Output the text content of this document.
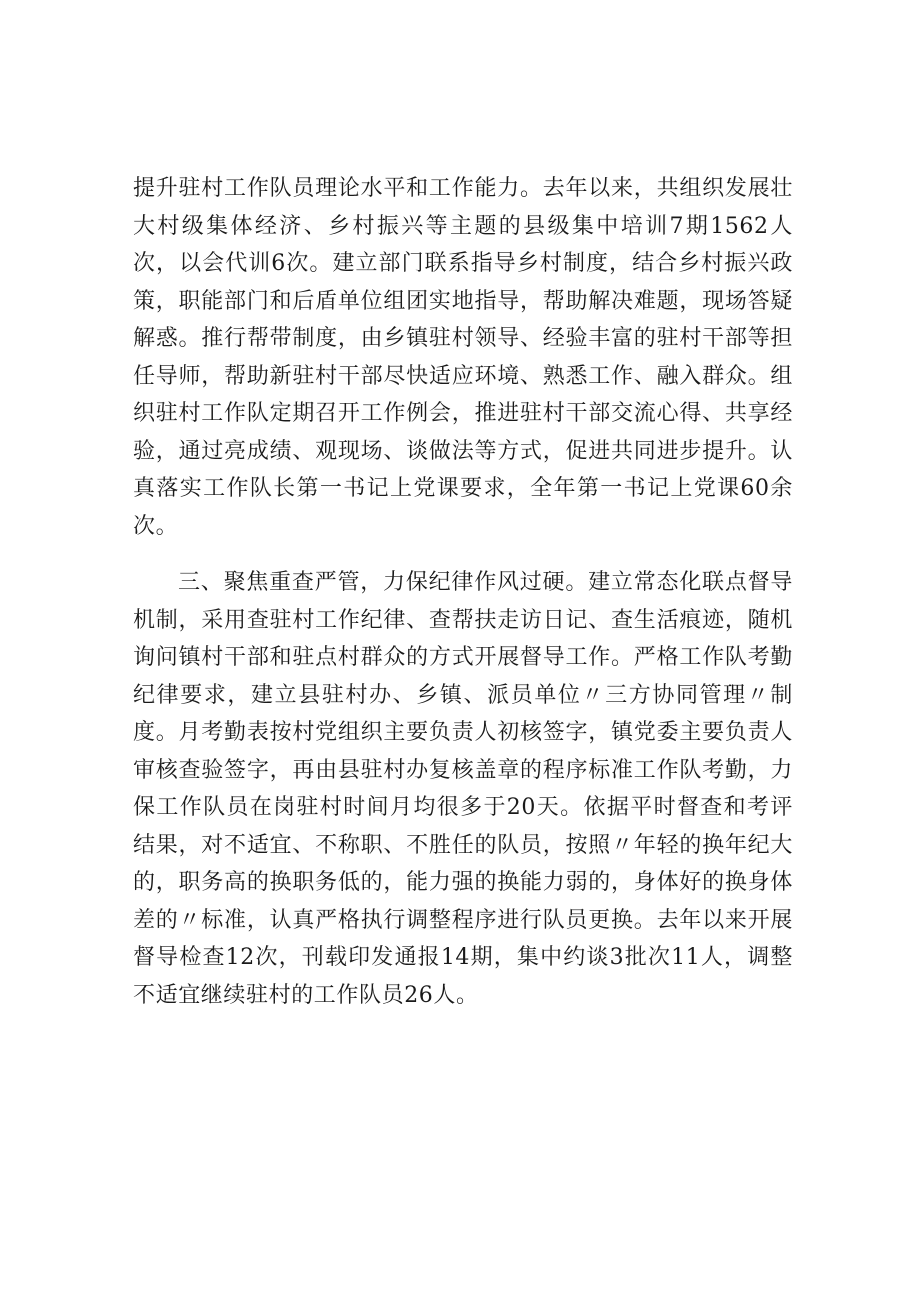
提升驻村工作队员理论水平和工作能力。去年以来，共组织发展壮大村级集体经济、乡村振兴等主题的县级集中培训7期1562人次，以会代训6次。建立部门联系指导乡村制度，结合乡村振兴政策，职能部门和后盾单位组团实地指导，帮助解决难题，现场答疑解惑。推行帮带制度，由乡镇驻村领导、经验丰富的驻村干部等担任导师，帮助新驻村干部尽快适应环境、熟悉工作、融入群众。组织驻村工作队定期召开工作例会，推进驻村干部交流心得、共享经验，通过亮成绩、观现场、谈做法等方式，促进共同进步提升。认真落实工作队长第一书记上党课要求，全年第一书记上党课60余次。

三、聚焦重查严管，力保纪律作风过硬。建立常态化联点督导机制，采用查驻村工作纪律、查帮扶走访日记、查生活痕迹，随机询问镇村干部和驻点村群众的方式开展督导工作。严格工作队考勤纪律要求，建立县驻村办、乡镇、派员单位〃三方协同管理〃制度。月考勤表按村党组织主要负责人初核签字，镇党委主要负责人审核查验签字，再由县驻村办复核盖章的程序标准工作队考勤，力保工作队员在岗驻村时间月均很多于20天。依据平时督查和考评结果，对不适宜、不称职、不胜任的队员，按照〃年轻的换年纪大的，职务高的换职务低的，能力强的换能力弱的，身体好的换身体差的〃标准，认真严格执行调整程序进行队员更换。去年以来开展督导检查12次，刊载印发通报14期，集中约谈3批次11人，调整不适宜继续驻村的工作队员26人。
